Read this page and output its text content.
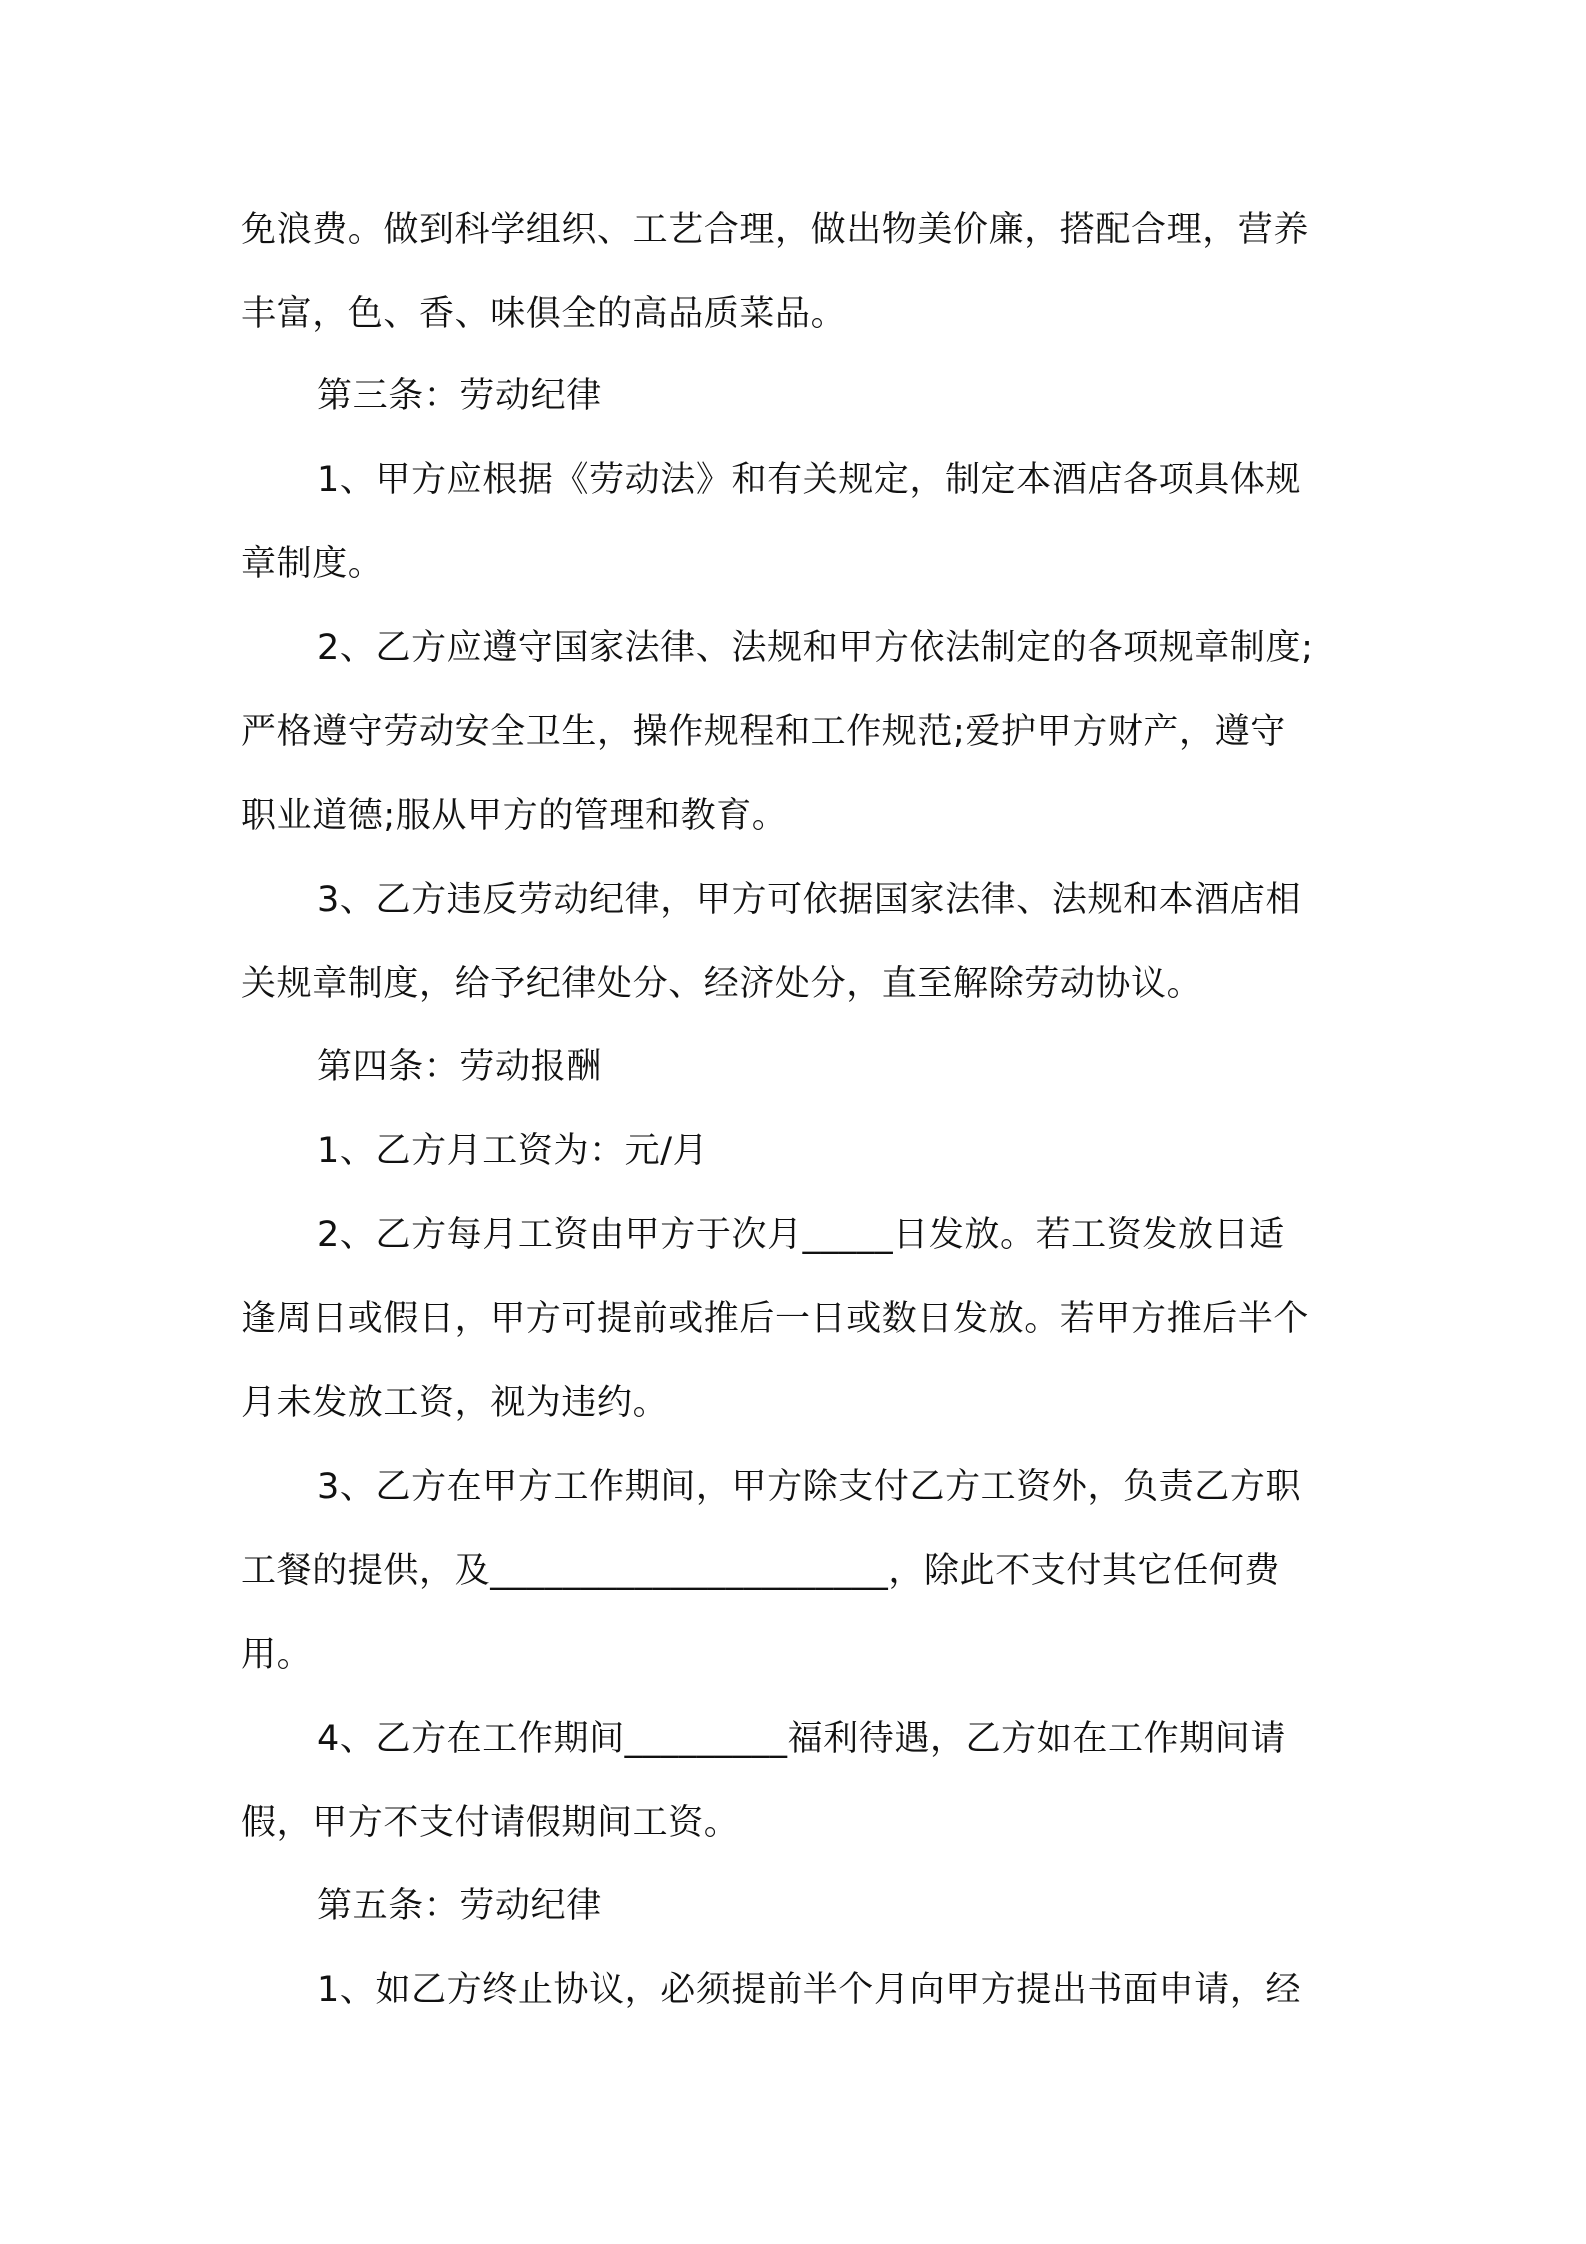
免浪费。做到科学组织、工艺合理，做出物美价廉，搭配合理，营养

丰富，色、香、味俱全的高品质菜品。

第三条：劳动纪律

1、甲方应根据《劳动法》和有关规定，制定本酒店各项具体规

章制度。

2、乙方应遵守国家法律、法规和甲方依法制定的各项规章制度;

严格遵守劳动安全卫生，操作规程和工作规范;爱护甲方财产，遵守

职业道德;服从甲方的管理和教育。

3、乙方违反劳动纪律，甲方可依据国家法律、法规和本酒店相

关规章制度，给予纪律处分、经济处分，直至解除劳动协议。

第四条：劳动报酬

1、乙方月工资为：元/月

2、乙方每月工资由甲方于次月_____日发放。若工资发放日适

逢周日或假日，甲方可提前或推后一日或数日发放。若甲方推后半个

月未发放工资，视为违约。

3、乙方在甲方工作期间，甲方除支付乙方工资外，负责乙方职

工餐的提供，及______________________，除此不支付其它任何费

用。

4、乙方在工作期间_________福利待遇，乙方如在工作期间请

假，甲方不支付请假期间工资。

第五条：劳动纪律

1、如乙方终止协议，必须提前半个月向甲方提出书面申请，经
